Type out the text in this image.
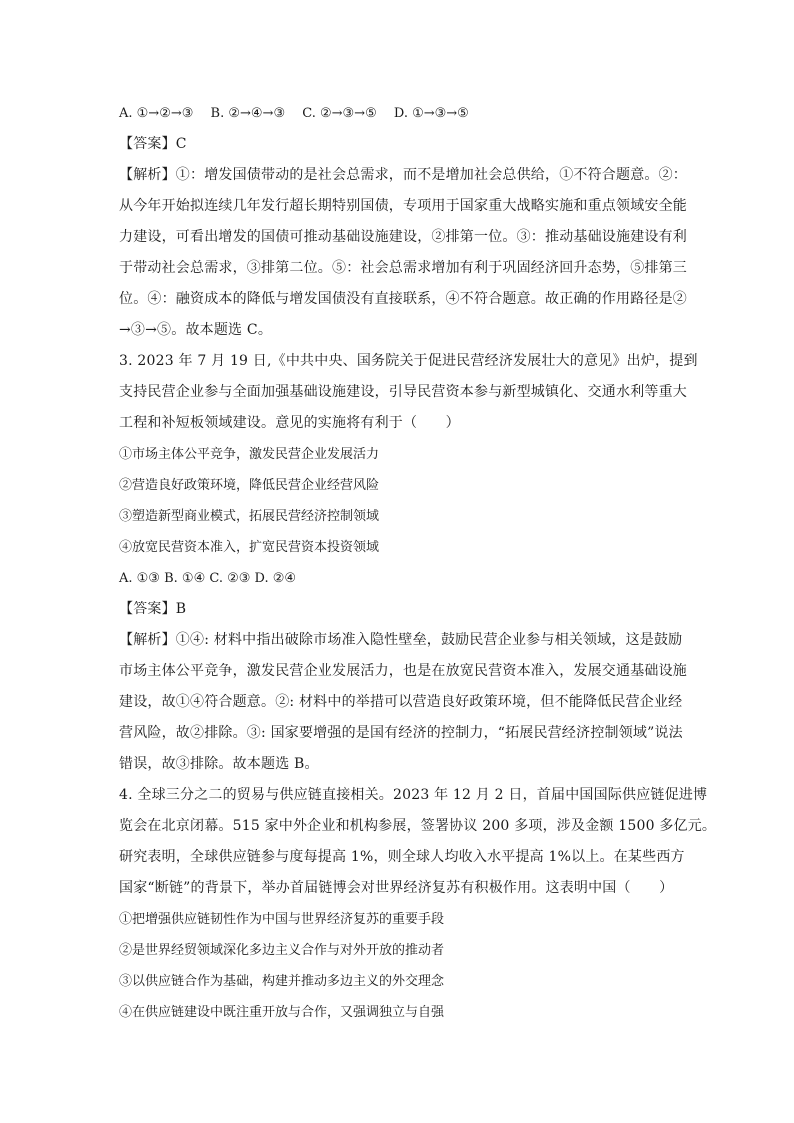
A. ①→②→③　 B. ②→④→③　 C. ②→③→⑤　 D. ①→③→⑤
【答案】C
【解析】①：增发国债带动的是社会总需求，而不是增加社会总供给，①不符合题意。②：
从今年开始拟连续几年发行超长期特别国债，专项用于国家重大战略实施和重点领域安全能
力建设，可看出增发的国债可推动基础设施建设，②排第一位。③：推动基础设施建设有利
于带动社会总需求，③排第二位。⑤：社会总需求增加有利于巩固经济回升态势，⑤排第三
位。④：融资成本的降低与增发国债没有直接联系，④不符合题意。故正确的作用路径是②
→③→⑤。故本题选 C。
3. 2023 年 7 月 19 日,《中共中央、国务院关于促进民营经济发展壮大的意见》出炉，提到
支持民营企业参与全面加强基础设施建设，引导民营资本参与新型城镇化、交通水利等重大
工程和补短板领域建设。意见的实施将有利于（　　）
①市场主体公平竞争，激发民营企业发展活力
②营造良好政策环境，降低民营企业经营风险
③塑造新型商业模式，拓展民营经济控制领域
④放宽民营资本准入，扩宽民营资本投资领域
A. ①③ B. ①④ C. ②③ D. ②④
【答案】B
【解析】①④: 材料中指出破除市场准入隐性壁垒，鼓励民营企业参与相关领域，这是鼓励
市场主体公平竞争，激发民营企业发展活力，也是在放宽民营资本准入，发展交通基础设施
建设，故①④符合题意。②: 材料中的举措可以营造良好政策环境，但不能降低民营企业经
营风险，故②排除。③: 国家要增强的是国有经济的控制力，“拓展民营经济控制领域”说法
错误，故③排除。故本题选 B。
4. 全球三分之二的贸易与供应链直接相关。2023 年 12 月 2 日，首届中国国际供应链促进博
览会在北京闭幕。515 家中外企业和机构参展，签署协议 200 多项，涉及金额 1500 多亿元。
研究表明，全球供应链参与度每提高 1%，则全球人均收入水平提高 1%以上。在某些西方
国家“断链”的背景下，举办首届链博会对世界经济复苏有积极作用。这表明中国（　　）
①把增强供应链韧性作为中国与世界经济复苏的重要手段
②是世界经贸领域深化多边主义合作与对外开放的推动者
③以供应链合作为基础，构建并推动多边主义的外交理念
④在供应链建设中既注重开放与合作，又强调独立与自强
